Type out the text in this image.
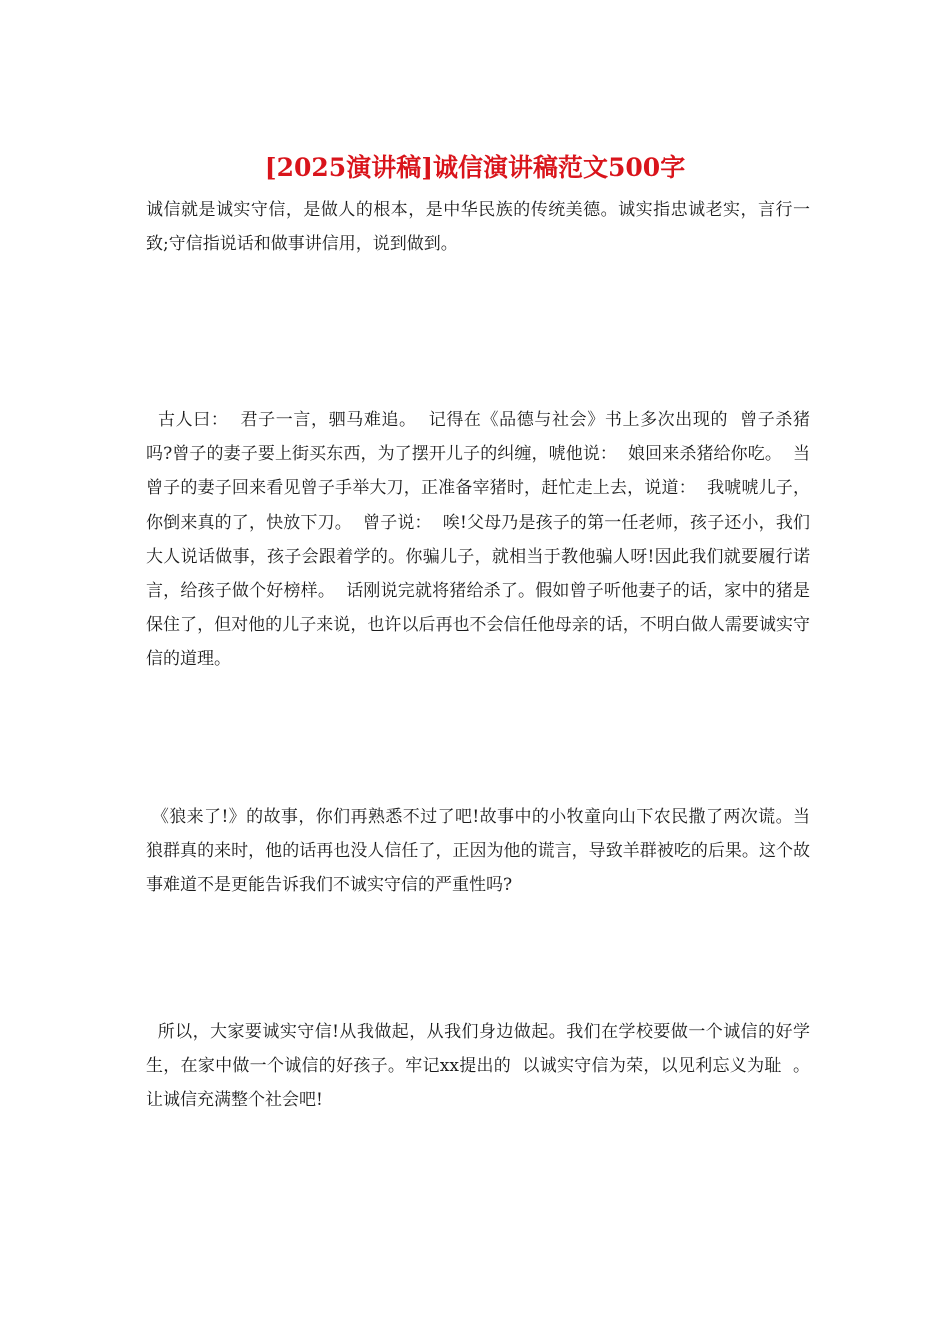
[2025演讲稿]诚信演讲稿范文500字

诚信就是诚实守信，是做人的根本，是中华民族的传统美德。诚实指忠诚老实，言行一致;守信指说话和做事讲信用，说到做到。

古人曰：  君子一言，驷马难追。  记得在《品德与社会》书上多次出现的  曾子杀猪  吗?曾子的妻子要上街买东西，为了摆开儿子的纠缠，唬他说：  娘回来杀猪给你吃。  当曾子的妻子回来看见曾子手举大刀，正准备宰猪时，赶忙走上去，说道：  我唬唬儿子，你倒来真的了，快放下刀。  曾子说：  唉!父母乃是孩子的第一任老师，孩子还小，我们大人说话做事，孩子会跟着学的。你骗儿子，就相当于教他骗人呀!因此我们就要履行诺言，给孩子做个好榜样。  话刚说完就将猪给杀了。假如曾子听他妻子的话，家中的猪是保住了，但对他的儿子来说，也许以后再也不会信任他母亲的话，不明白做人需要诚实守信的道理。

《狼来了!》的故事，你们再熟悉不过了吧!故事中的小牧童向山下农民撒了两次谎。当狼群真的来时，他的话再也没人信任了，正因为他的谎言，导致羊群被吃的后果。这个故事难道不是更能告诉我们不诚实守信的严重性吗?

所以，大家要诚实守信!从我做起，从我们身边做起。我们在学校要做一个诚信的好学生，在家中做一个诚信的好孩子。牢记xx提出的  以诚实守信为荣，以见利忘义为耻  。让诚信充满整个社会吧!
